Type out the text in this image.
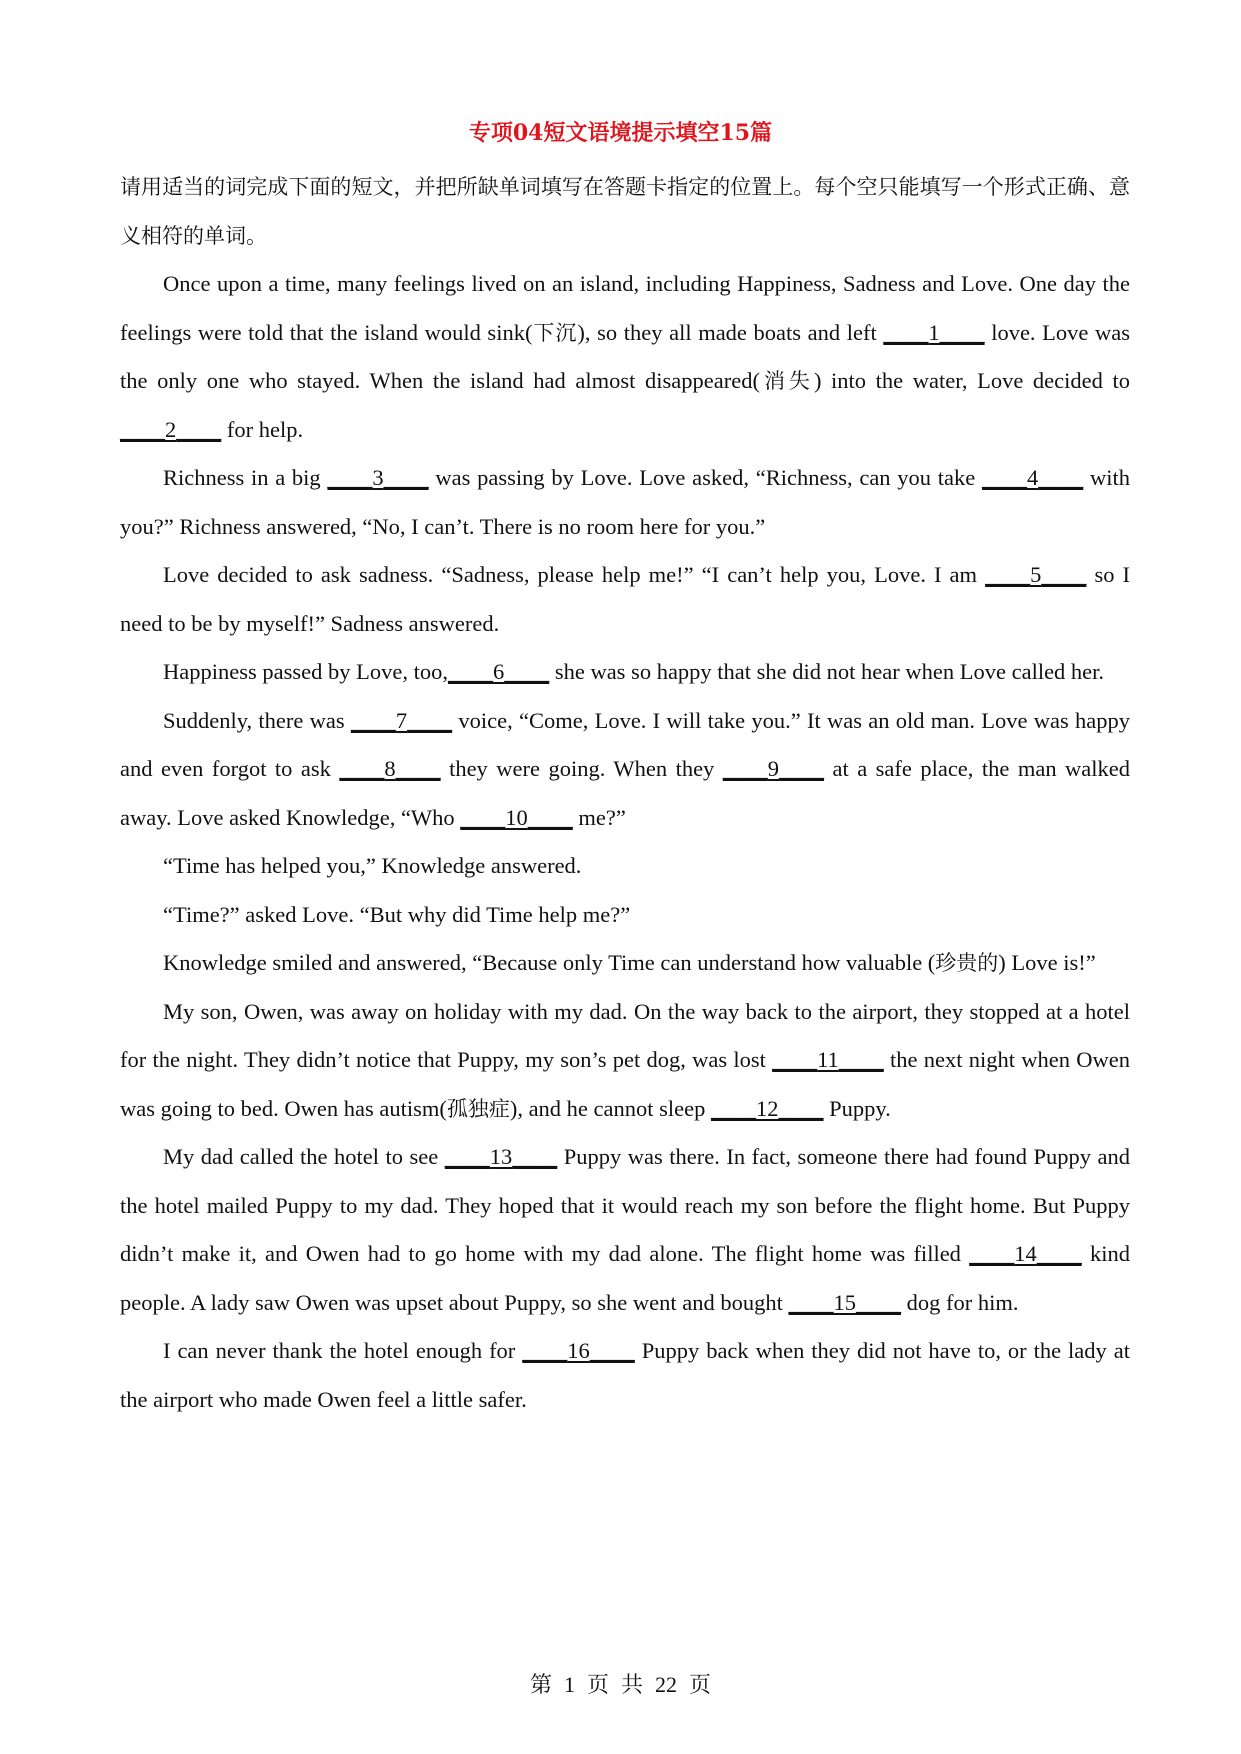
专项04短文语境提示填空15篇

请用适当的词完成下面的短文，并把所缺单词填写在答题卡指定的位置上。每个空只能填写一个形式正确、意义相符的单词。

Once upon a time, many feelings lived on an island, including Happiness, Sadness and Love. One day the feelings were told that the island would sink(下沉), so they all made boats and left ____1____ love. Love was the only one who stayed. When the island had almost disappeared(消失) into the water, Love decided to ____2____ for help.

Richness in a big ____3____ was passing by Love. Love asked, “Richness, can you take ____4____ with you?” Richness answered, “No, I can’t. There is no room here for you.”

Love decided to ask sadness. “Sadness, please help me!” “I can’t help you, Love. I am ____5____ so I need to be by myself!” Sadness answered.

Happiness passed by Love, too,____6____ she was so happy that she did not hear when Love called her.

Suddenly, there was ____7____ voice, “Come, Love. I will take you.” It was an old man. Love was happy and even forgot to ask ____8____ they were going. When they ____9____ at a safe place, the man walked away. Love asked Knowledge, “Who ____10____ me?”

“Time has helped you,” Knowledge answered.

“Time?” asked Love. “But why did Time help me?”

Knowledge smiled and answered, “Because only Time can understand how valuable (珍贵的) Love is!”

My son, Owen, was away on holiday with my dad. On the way back to the airport, they stopped at a hotel for the night. They didn’t notice that Puppy, my son’s pet dog, was lost ____11____ the next night when Owen was going to bed. Owen has autism(孤独症), and he cannot sleep ____12____ Puppy.

My dad called the hotel to see ____13____ Puppy was there. In fact, someone there had found Puppy and the hotel mailed Puppy to my dad. They hoped that it would reach my son before the flight home. But Puppy didn’t make it, and Owen had to go home with my dad alone. The flight home was filled ____14____ kind people. A lady saw Owen was upset about Puppy, so she went and bought ____15____ dog for him.

I can never thank the hotel enough for ____16____ Puppy back when they did not have to, or the lady at the airport who made Owen feel a little safer.

第 1 页 共 22 页
